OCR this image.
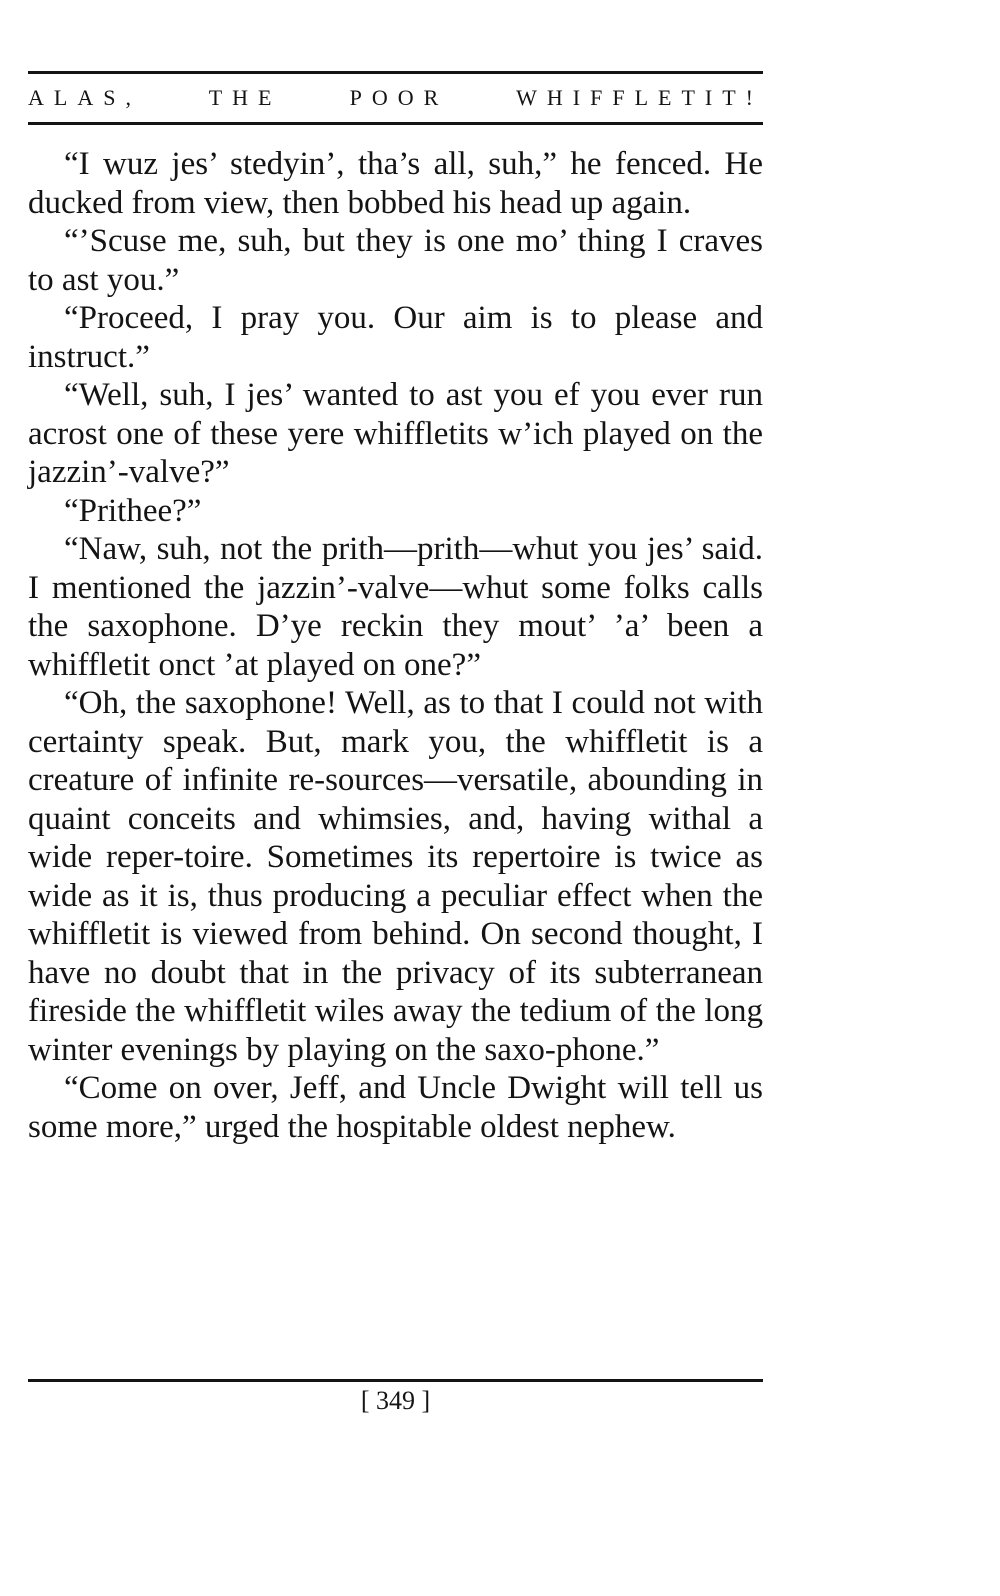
ALAS, THE POOR WHIFFLETIT!

“I wuz jes’ stedyin’, tha’s all, suh,” he fenced. He ducked from view, then bobbed his head up again.

“’Scuse me, suh, but they is one mo’ thing I craves to ast you.”

“Proceed, I pray you. Our aim is to please and instruct.”

“Well, suh, I jes’ wanted to ast you ef you ever run acrost one of these yere whiffletits w’ich played on the jazzin’-valve?”

“Prithee?”

“Naw, suh, not the prith—prith—whut you jes’ said. I mentioned the jazzin’-valve—whut some folks calls the saxophone. D’ye reckin they mout’ ’a’ been a whiffletit onct ’at played on one?”

“Oh, the saxophone! Well, as to that I could not with certainty speak. But, mark you, the whiffletit is a creature of infinite re-sources—versatile, abounding in quaint conceits and whimsies, and, having withal a wide reper-toire. Sometimes its repertoire is twice as wide as it is, thus producing a peculiar effect when the whiffletit is viewed from behind. On second thought, I have no doubt that in the privacy of its subterranean fireside the whiffletit wiles away the tedium of the long winter evenings by playing on the saxo-phone.”

“Come on over, Jeff, and Uncle Dwight will tell us some more,” urged the hospitable oldest nephew.

[ 349 ]
